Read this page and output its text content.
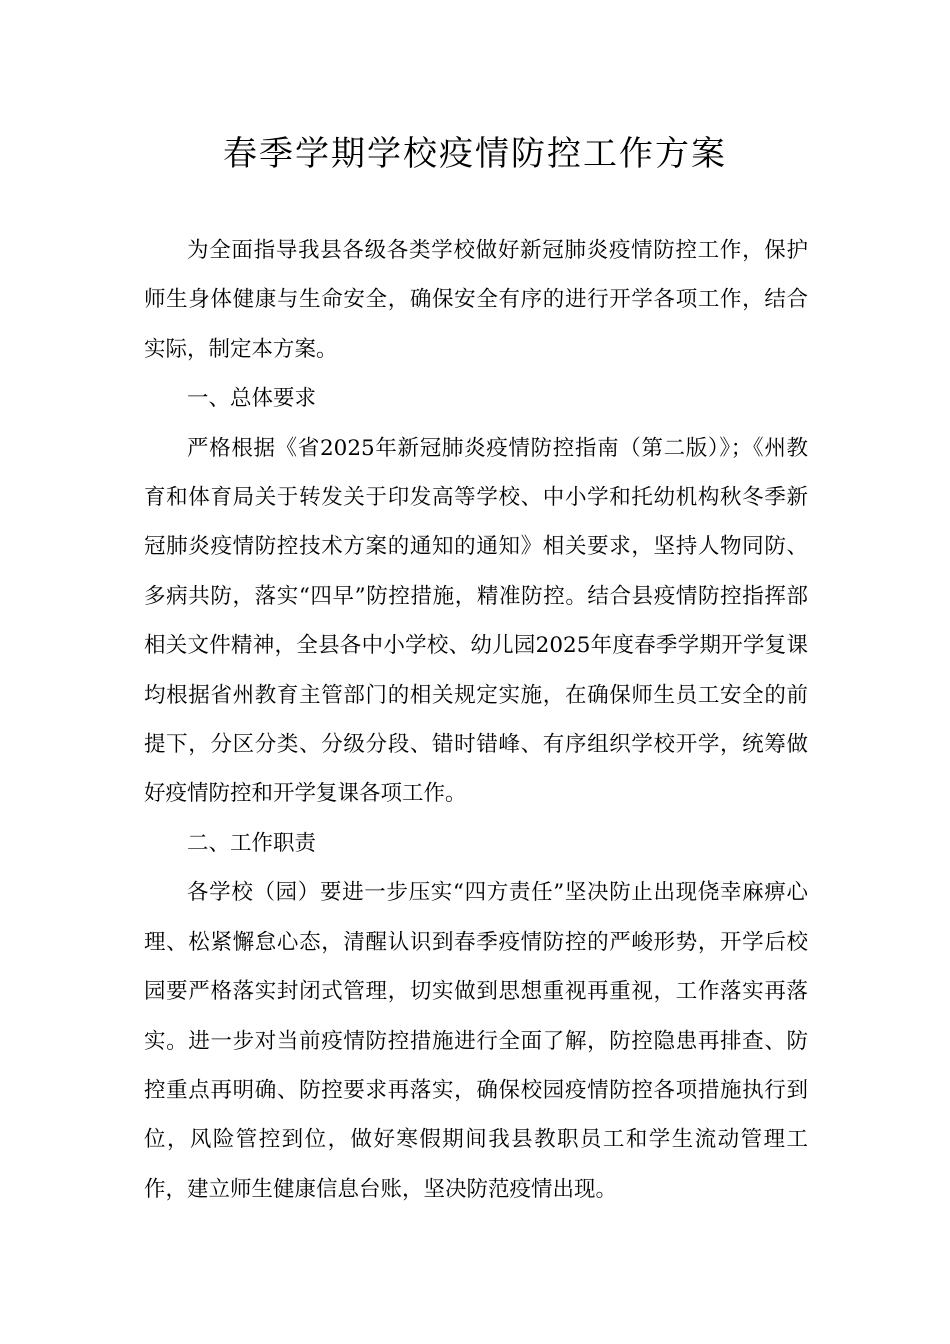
春季学期学校疫情防控工作方案

为全面指导我县各级各类学校做好新冠肺炎疫情防控工作，保护师生身体健康与生命安全，确保安全有序的进行开学各项工作，结合实际，制定本方案。

一、总体要求

严格根据《省2025年新冠肺炎疫情防控指南（第二版）》；《州教育和体育局关于转发关于印发高等学校、中小学和托幼机构秋冬季新冠肺炎疫情防控技术方案的通知的通知》相关要求，坚持人物同防、多病共防，落实“四早”防控措施，精准防控。结合县疫情防控指挥部相关文件精神，全县各中小学校、幼儿园2025年度春季学期开学复课均根据省州教育主管部门的相关规定实施，在确保师生员工安全的前提下，分区分类、分级分段、错时错峰、有序组织学校开学，统筹做好疫情防控和开学复课各项工作。

二、工作职责

各学校（园）要进一步压实“四方责任”坚决防止出现侥幸麻痹心理、松紧懈怠心态，清醒认识到春季疫情防控的严峻形势，开学后校园要严格落实封闭式管理，切实做到思想重视再重视，工作落实再落实。进一步对当前疫情防控措施进行全面了解，防控隐患再排查、防控重点再明确、防控要求再落实，确保校园疫情防控各项措施执行到位，风险管控到位，做好寒假期间我县教职员工和学生流动管理工作，建立师生健康信息台账，坚决防范疫情出现。
